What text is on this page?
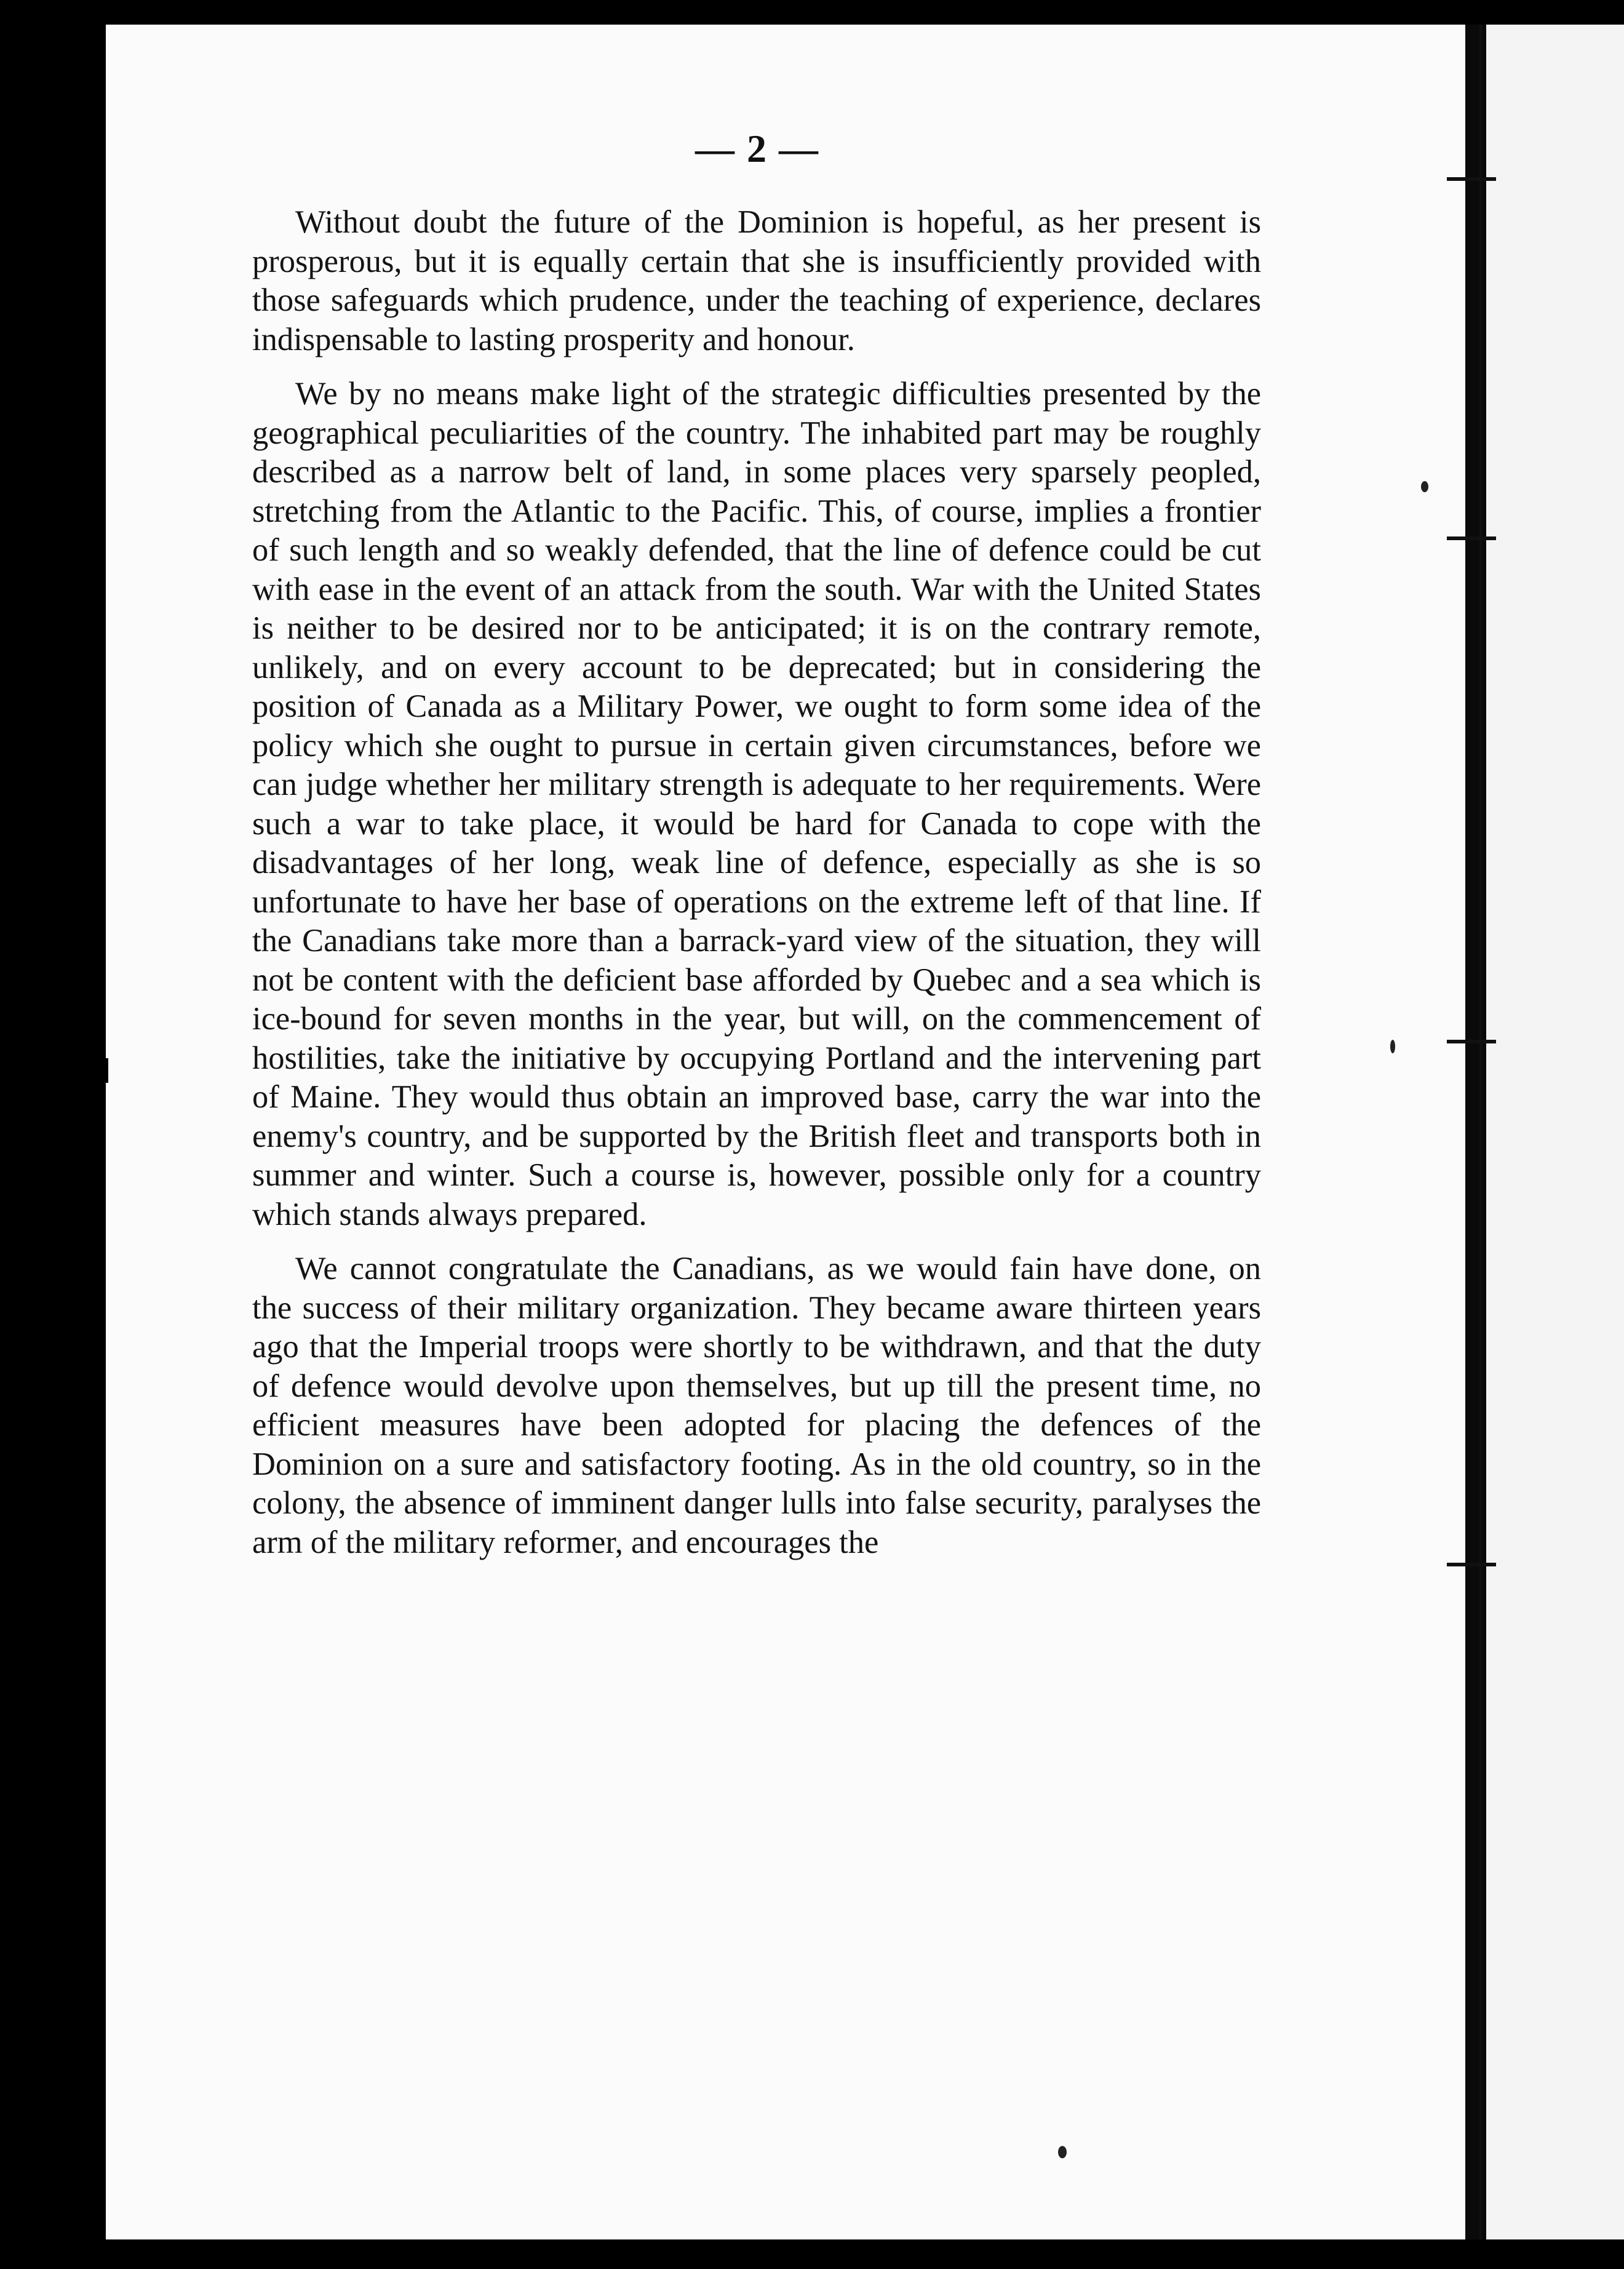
— 2 —

Without doubt the future of the Dominion is hopeful, as her present is prosperous, but it is equally certain that she is insufficiently provided with those safeguards which prudence, under the teaching of experience, declares indispensable to lasting prosperity and honour.

We by no means make light of the strategic difficulties presented by the geographical peculiarities of the country. The inhabited part may be roughly described as a narrow belt of land, in some places very sparsely peopled, stretching from the Atlantic to the Pacific. This, of course, implies a frontier of such length and so weakly defended, that the line of defence could be cut with ease in the event of an attack from the south. War with the United States is neither to be desired nor to be anticipated; it is on the contrary remote, unlikely, and on every account to be deprecated; but in considering the position of Canada as a Military Power, we ought to form some idea of the policy which she ought to pursue in certain given circumstances, before we can judge whether her military strength is adequate to her requirements. Were such a war to take place, it would be hard for Canada to cope with the disadvantages of her long, weak line of defence, especially as she is so unfortunate to have her base of operations on the extreme left of that line. If the Canadians take more than a barrack-yard view of the situation, they will not be content with the deficient base afforded by Quebec and a sea which is ice-bound for seven months in the year, but will, on the commencement of hostilities, take the initiative by occupying Portland and the intervening part of Maine. They would thus obtain an improved base, carry the war into the enemy's country, and be supported by the British fleet and transports both in summer and winter. Such a course is, however, possible only for a country which stands always prepared.

We cannot congratulate the Canadians, as we would fain have done, on the success of their military organization. They became aware thirteen years ago that the Imperial troops were shortly to be withdrawn, and that the duty of defence would devolve upon themselves, but up till the present time, no efficient measures have been adopted for placing the defences of the Dominion on a sure and satisfactory footing. As in the old country, so in the colony, the absence of imminent danger lulls into false security, paralyses the arm of the military reformer, and encourages the
